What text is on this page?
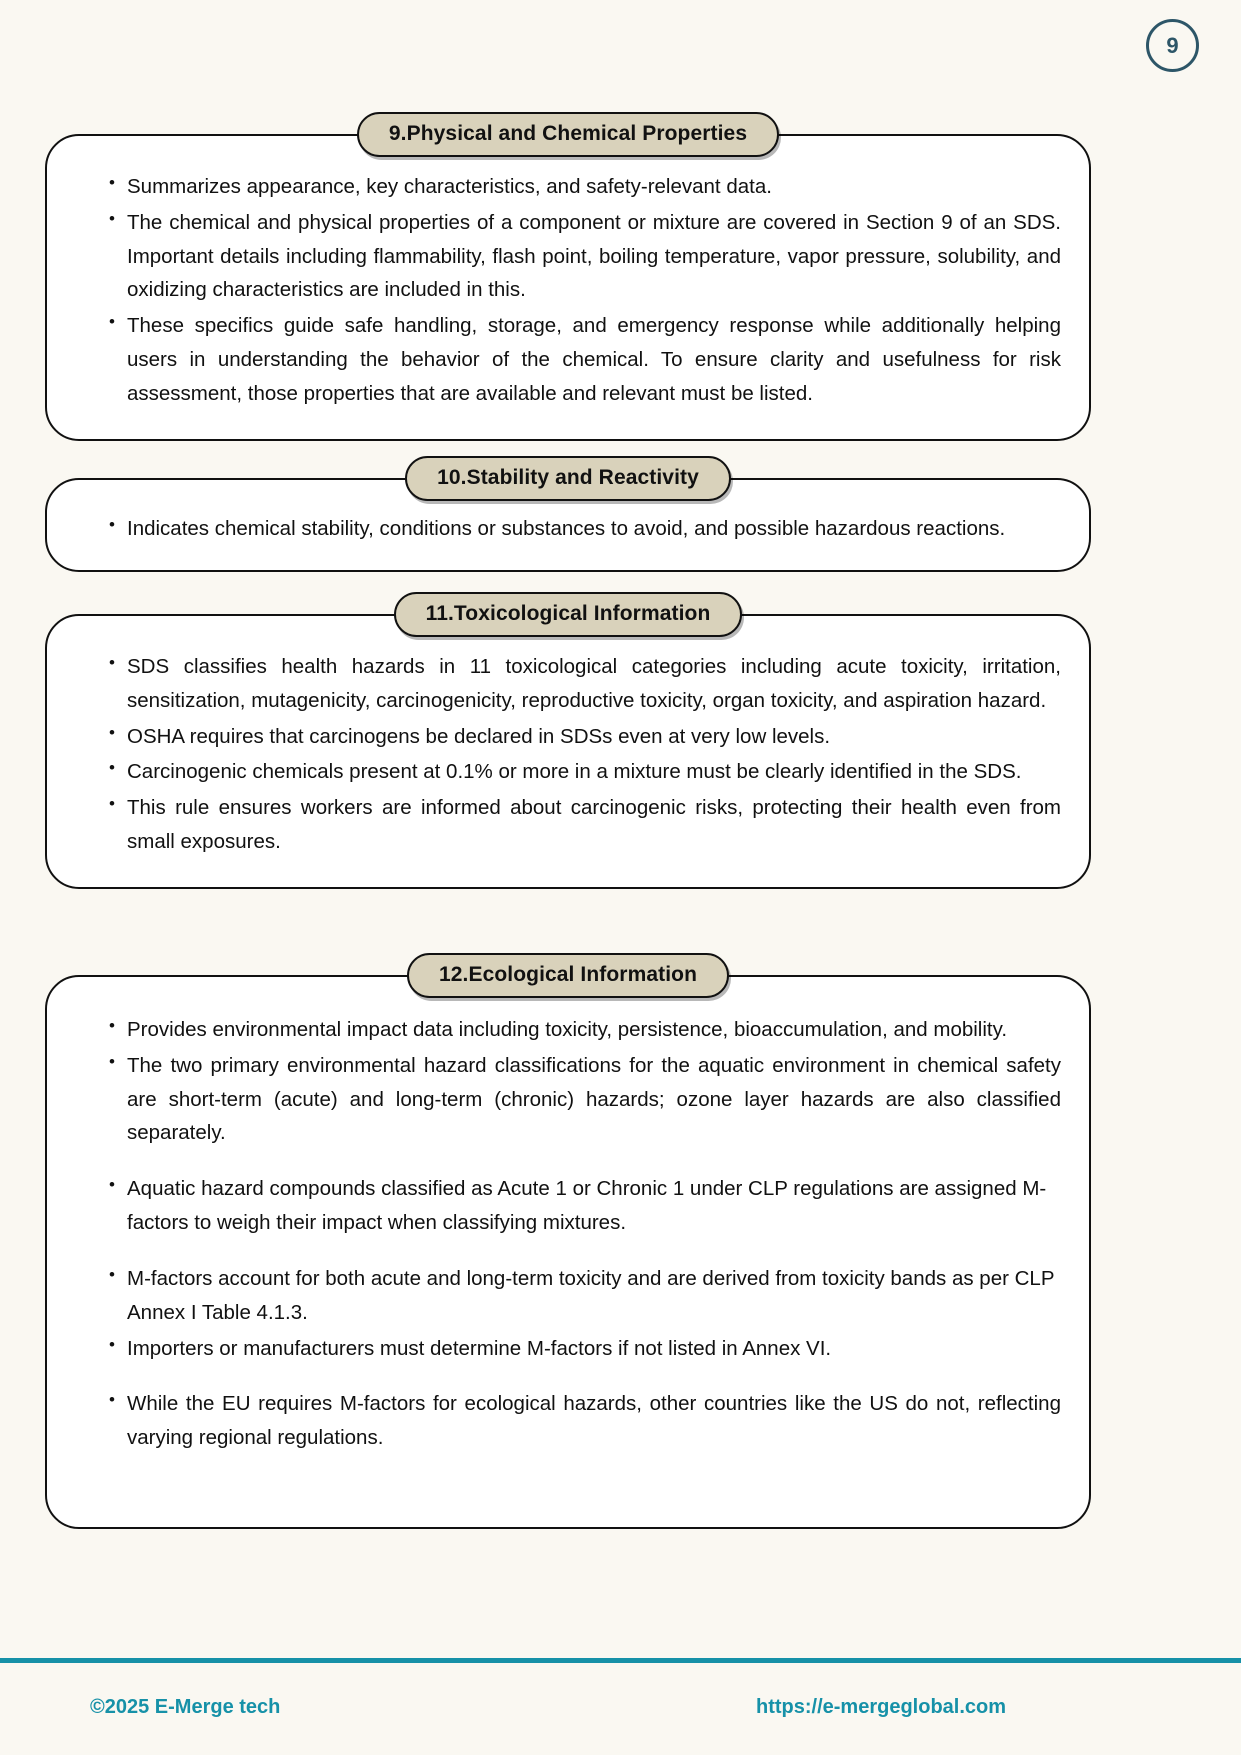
9
9.Physical and Chemical Properties
• Summarizes appearance, key characteristics, and safety-relevant data.
• The chemical and physical properties of a component or mixture are covered in Section 9 of an SDS. Important details including flammability, flash point, boiling temperature, vapor pressure, solubility, and oxidizing characteristics are included in this.
• These specifics guide safe handling, storage, and emergency response while additionally helping users in understanding the behavior of the chemical. To ensure clarity and usefulness for risk assessment, those properties that are available and relevant must be listed.
10.Stability and Reactivity
• Indicates chemical stability, conditions or substances to avoid, and possible hazardous reactions.
11.Toxicological Information
• SDS classifies health hazards in 11 toxicological categories including acute toxicity, irritation, sensitization, mutagenicity, carcinogenicity, reproductive toxicity, organ toxicity, and aspiration hazard.
• OSHA requires that carcinogens be declared in SDSs even at very low levels.
• Carcinogenic chemicals present at 0.1% or more in a mixture must be clearly identified in the SDS.
• This rule ensures workers are informed about carcinogenic risks, protecting their health even from small exposures.
12.Ecological Information
• Provides environmental impact data including toxicity, persistence, bioaccumulation, and mobility.
• The two primary environmental hazard classifications for the aquatic environment in chemical safety are short-term (acute) and long-term (chronic) hazards; ozone layer hazards are also classified separately.
• Aquatic hazard compounds classified as Acute 1 or Chronic 1 under CLP regulations are assigned M-factors to weigh their impact when classifying mixtures.
• M-factors account for both acute and long-term toxicity and are derived from toxicity bands as per CLP Annex I Table 4.1.3.
• Importers or manufacturers must determine M-factors if not listed in Annex VI.
• While the EU requires M-factors for ecological hazards, other countries like the US do not, reflecting varying regional regulations.
©2025 E-Merge tech	https://e-mergeglobal.com
